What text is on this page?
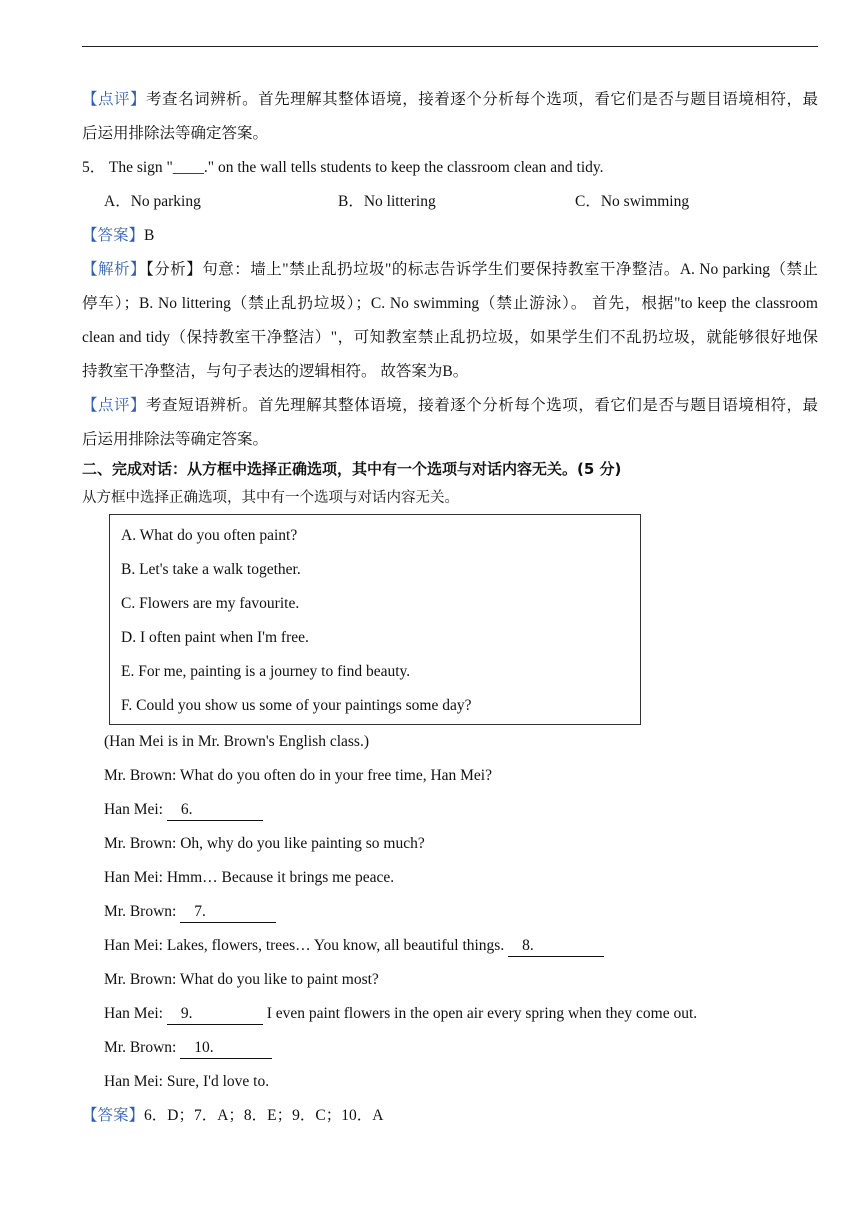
【点评】考查名词辨析。首先理解其整体语境，接着逐个分析每个选项，看它们是否与题目语境相符，最
后运用排除法等确定答案。
5． The sign "____." on the wall tells students to keep the classroom clean and tidy.
A．No parking	B．No littering	C．No swimming
【答案】B
【解析】【分析】句意：墙上"禁止乱扔垃圾"的标志告诉学生们要保持教室干净整洁。A. No parking（禁止
停车）；B. No littering（禁止乱扔垃圾）；C. No swimming（禁止游泳）。 首先，根据"to keep the classroom
clean and tidy（保持教室干净整洁）"，可知教室禁止乱扔垃圾，如果学生们不乱扔垃圾，就能够很好地保
持教室干净整洁，与句子表达的逻辑相符。 故答案为B。
【点评】考查短语辨析。首先理解其整体语境，接着逐个分析每个选项，看它们是否与题目语境相符，最
后运用排除法等确定答案。
二、完成对话：从方框中选择正确选项，其中有一个选项与对话内容无关。(5 分)
从方框中选择正确选项，其中有一个选项与对话内容无关。
A. What do you often paint?
B. Let's take a walk together.
C. Flowers are my favourite.
D. I often paint when I'm free.
E. For me, painting is a journey to find beauty.
F. Could you show us some of your paintings some day?
(Han Mei is in Mr. Brown's English class.)
Mr. Brown: What do you often do in your free time, Han Mei?
Han Mei: 6.
Mr. Brown: Oh, why do you like painting so much?
Han Mei: Hmm… Because it brings me peace.
Mr. Brown: 7.
Han Mei: Lakes, flowers, trees… You know, all beautiful things. 8.
Mr. Brown: What do you like to paint most?
Han Mei: 9.	I even paint flowers in the open air every spring when they come out.
Mr. Brown: 10.
Han Mei: Sure, I'd love to.
【答案】6．D；7．A；8．E；9．C；10．A
